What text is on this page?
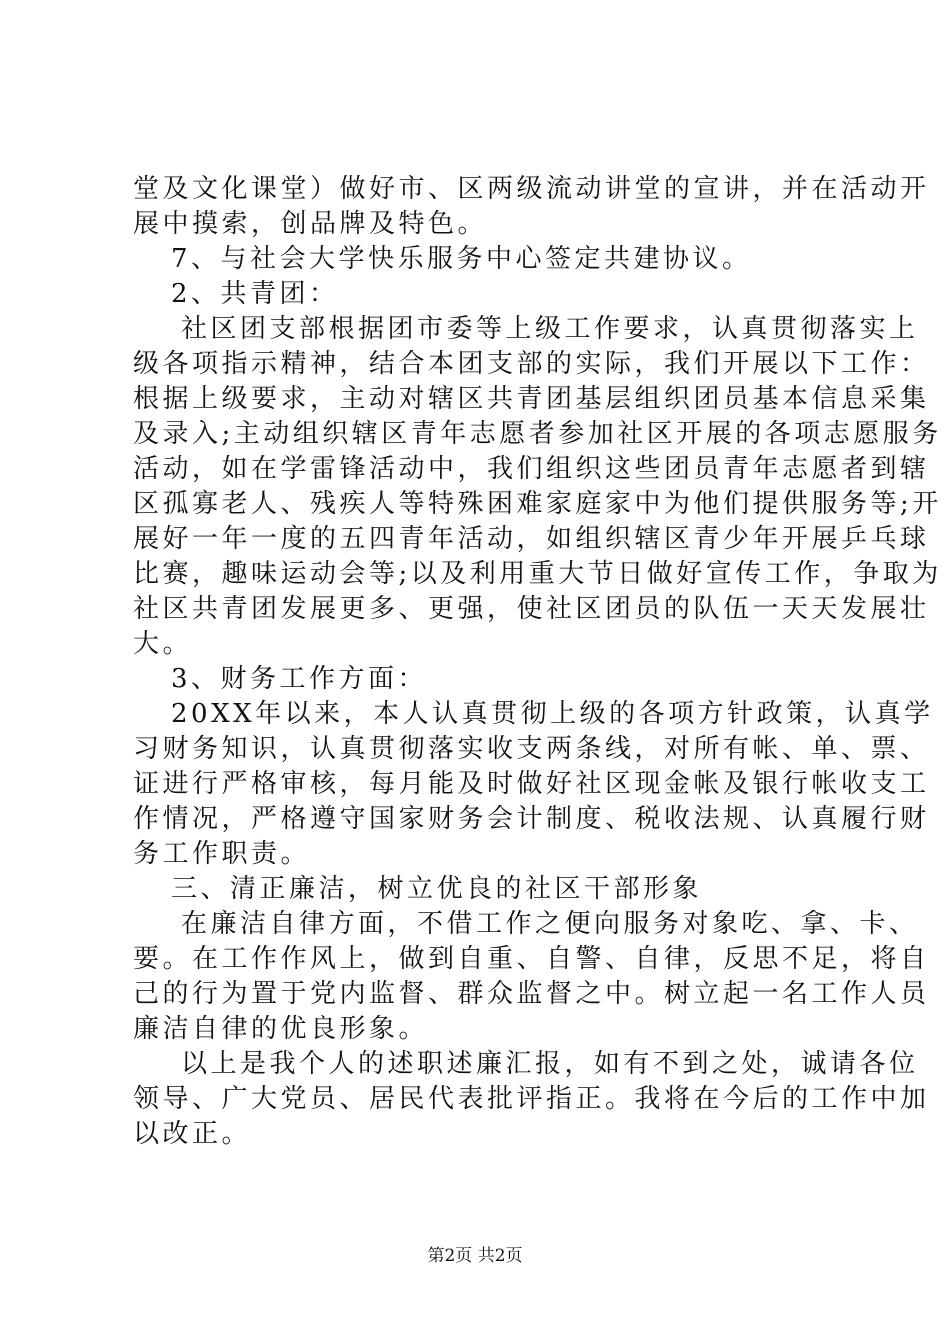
堂及文化课堂）做好市、区两级流动讲堂的宣讲，并在活动开
展中摸索，创品牌及特色。
7、与社会大学快乐服务中心签定共建协议。
2、共青团：
社区团支部根据团市委等上级工作要求，认真贯彻落实上
级各项指示精神，结合本团支部的实际，我们开展以下工作：
根据上级要求，主动对辖区共青团基层组织团员基本信息采集
及录入;主动组织辖区青年志愿者参加社区开展的各项志愿服务
活动，如在学雷锋活动中，我们组织这些团员青年志愿者到辖
区孤寡老人、残疾人等特殊困难家庭家中为他们提供服务等;开
展好一年一度的五四青年活动，如组织辖区青少年开展乒乓球
比赛，趣味运动会等;以及利用重大节日做好宣传工作，争取为
社区共青团发展更多、更强，使社区团员的队伍一天天发展壮
大。
3、财务工作方面：
20XX年以来，本人认真贯彻上级的各项方针政策，认真学
习财务知识，认真贯彻落实收支两条线，对所有帐、单、票、
证进行严格审核，每月能及时做好社区现金帐及银行帐收支工
作情况，严格遵守国家财务会计制度、税收法规、认真履行财
务工作职责。
三、清正廉洁，树立优良的社区干部形象
在廉洁自律方面，不借工作之便向服务对象吃、拿、卡、
要。在工作作风上，做到自重、自警、自律，反思不足，将自
己的行为置于党内监督、群众监督之中。树立起一名工作人员
廉洁自律的优良形象。
以上是我个人的述职述廉汇报，如有不到之处，诚请各位
领导、广大党员、居民代表批评指正。我将在今后的工作中加
以改正。
第2页 共2页
